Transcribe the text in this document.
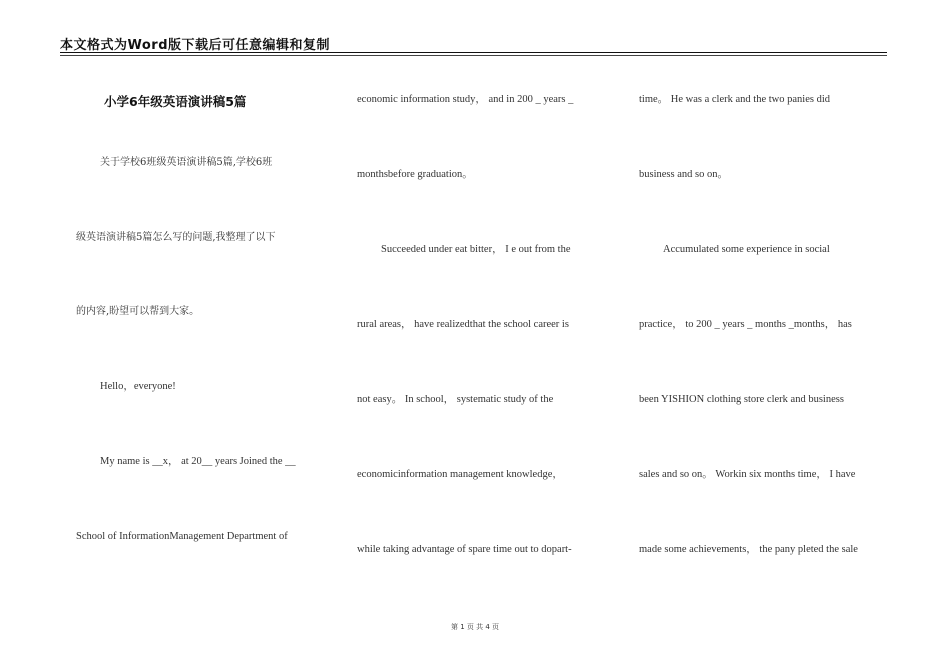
本文格式为Word版下载后可任意编辑和复制
小学6年级英语演讲稿5篇
关于学校6班级英语演讲稿5篇,学校6班
级英语演讲稿5篇怎么写的问题,我整理了以下
的内容,盼望可以帮到大家。
Hello，everyone!
My name is __x， at 20__ years Joined the __
School of InformationManagement Department of
economic information study， and in 200 _ years _
monthsbefore graduation。
Succeeded under eat bitter， I e out from the
rural areas， have realizedthat the school career is
not easy。 In school， systematic study of the
economicinformation management knowledge，
while taking advantage of spare time out to dopart-
time。 He was a clerk and the two panies did
business and so on。
Accumulated some experience in social
practice， to 200 _ years _ months _months， has
been YISHION clothing store clerk and business
sales and so on。 Workin six months time， I have
made some achievements， the pany pleted the sale
第 1 页 共 4 页
